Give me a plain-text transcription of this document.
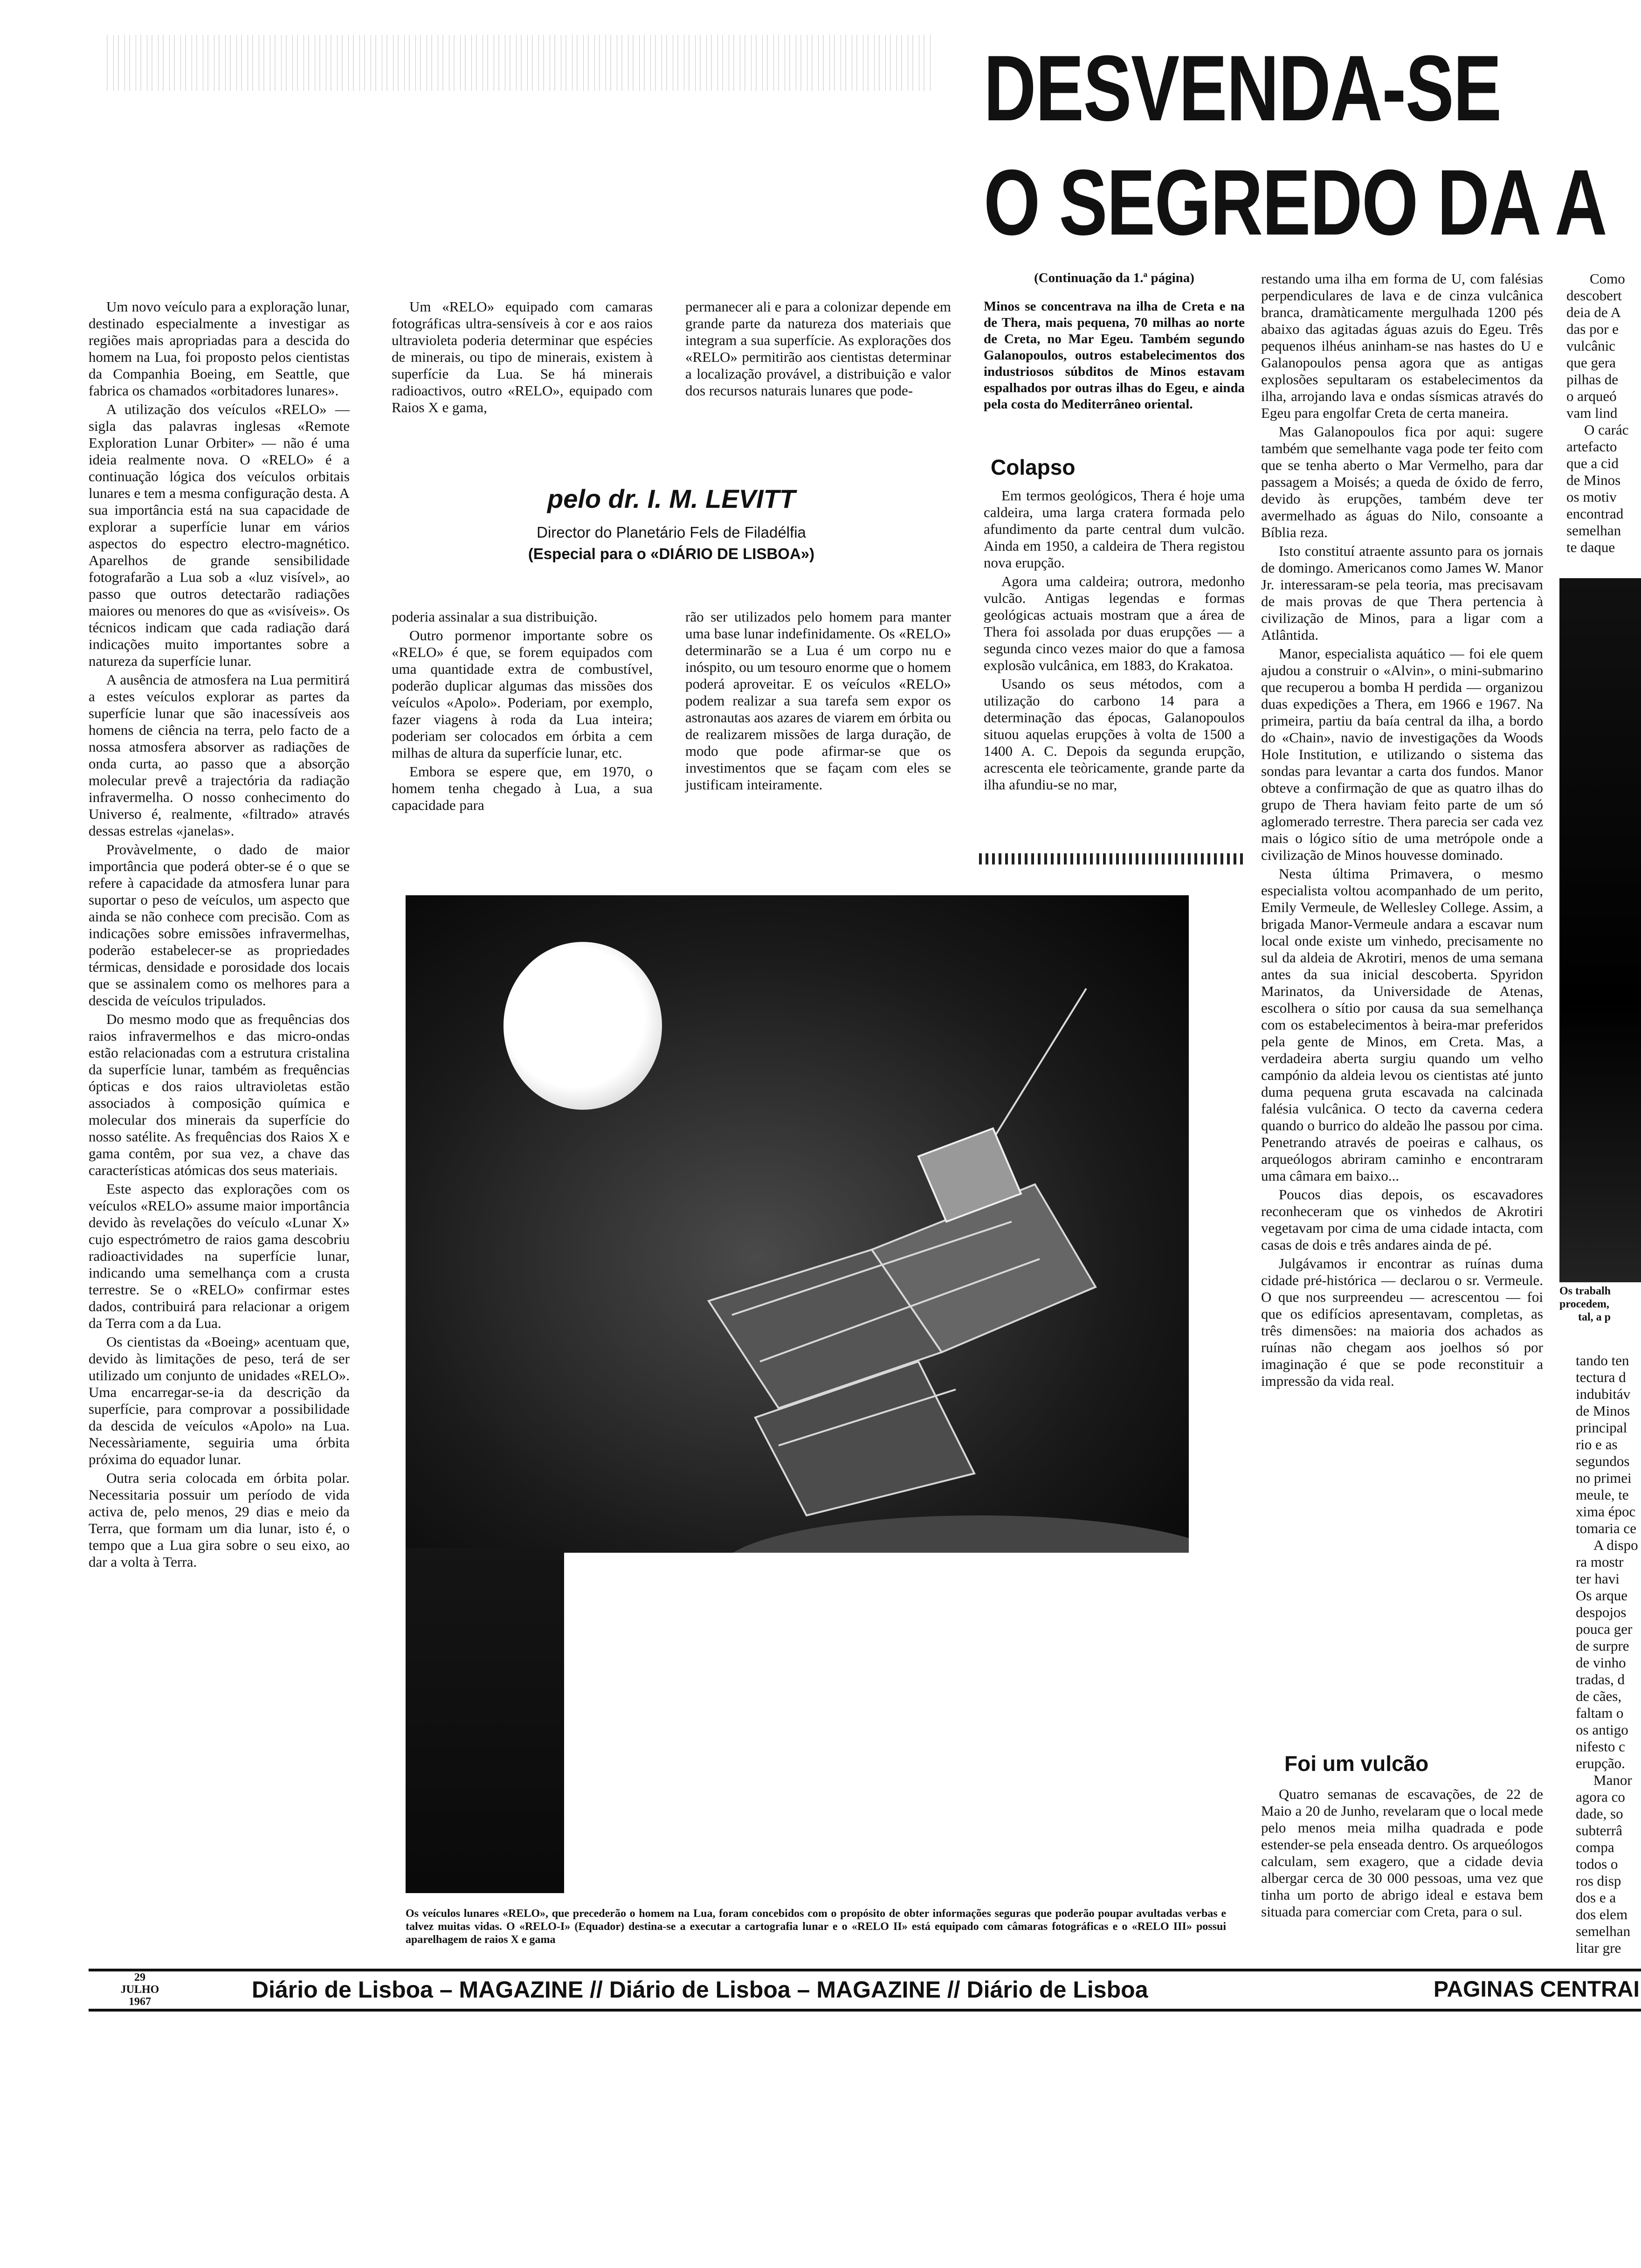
DESVENDA-SE
O SEGREDO DA A

Um novo veículo para a exploração lunar, destinado especialmente a investigar as regiões mais apropriadas para a descida do homem na Lua, foi proposto pelos cientistas da Companhia Boeing, em Seattle, que fabrica os chamados «orbitadores lunares».

A utilização dos veículos «RELO» — sigla das palavras inglesas «Remote Exploration Lunar Orbiter» — não é uma ideia realmente nova. O «RELO» é a continuação lógica dos veículos orbitais lunares e tem a mesma configuração desta. A sua importância está na sua capacidade de explorar a superfície lunar em vários aspectos do espectro electro-magnético. Aparelhos de grande sensibilidade fotografarão a Lua sob a «luz visível», ao passo que outros detectarão radiações maiores ou menores do que as «visíveis». Os técnicos indicam que cada radiação dará indicações muito importantes sobre a natureza da superfície lunar.

A ausência de atmosfera na Lua permitirá a estes veículos explorar as partes da superfície lunar que são inacessíveis aos homens de ciência na terra, pelo facto de a nossa atmosfera absorver as radiações de onda curta, ao passo que a absorção molecular prevê a trajectória da radiação infravermelha. O nosso conhecimento do Universo é, realmente, «filtrado» através dessas estrelas «janelas».

Provàvelmente, o dado de maior importância que poderá obter-se é o que se refere à capacidade da atmosfera lunar para suportar o peso de veículos, um aspecto que ainda se não conhece com precisão. Com as indicações sobre emissões infravermelhas, poderão estabelecer-se as propriedades térmicas, densidade e porosidade dos locais que se assinalem como os melhores para a descida de veículos tripulados.

Do mesmo modo que as frequências dos raios infravermelhos e das micro-ondas estão relacionadas com a estrutura cristalina da superfície lunar, também as frequências ópticas e dos raios ultravioletas estão associados à composição química e molecular dos minerais da superfície do nosso satélite. As frequências dos Raios X e gama contêm, por sua vez, a chave das características atómicas dos seus materiais.

Este aspecto das explorações com os veículos «RELO» assume maior importância devido às revelações do veículo «Lunar X» cujo espectrómetro de raios gama descobriu radioactividades na superfície lunar, indicando uma semelhança com a crusta terrestre. Se o «RELO» confirmar estes dados, contribuirá para relacionar a origem da Terra com a da Lua.

Os cientistas da «Boeing» acentuam que, devido às limitações de peso, terá de ser utilizado um conjunto de unidades «RELO». Uma encarregar-se-ia da descrição da superfície, para comprovar a possibilidade da descida de veículos «Apolo» na Lua. Necessàriamente, seguiria uma órbita próxima do equador lunar.

Outra seria colocada em órbita polar. Necessitaria possuir um período de vida activa de, pelo menos, 29 dias e meio da Terra, que formam um dia lunar, isto é, o tempo que a Lua gira sobre o seu eixo, ao dar a volta à Terra.

Um «RELO» equipado com camaras fotográficas ultra-sensíveis à cor e aos raios ultravioleta poderia determinar que espécies de minerais, ou tipo de minerais, existem à superfície da Lua. Se há minerais radioactivos, outro «RELO», equipado com Raios X e gama,

permanecer ali e para a colonizar depende em grande parte da natureza dos materiais que integram a sua superfície. As explorações dos «RELO» permitirão aos cientistas determinar a localização provável, a distribuição e valor dos recursos naturais lunares que pode-

pelo dr. I. M. LEVITT
Director do Planetário Fels de Filadélfia
(Especial para o «DIÁRIO DE LISBOA»)

poderia assinalar a sua distribuição.

Outro pormenor importante sobre os «RELO» é que, se forem equipados com uma quantidade extra de combustível, poderão duplicar algumas das missões dos veículos «Apolo». Poderiam, por exemplo, fazer viagens à roda da Lua inteira; poderiam ser colocados em órbita a cem milhas de altura da superfície lunar, etc.

Embora se espere que, em 1970, o homem tenha chegado à Lua, a sua capacidade para

rão ser utilizados pelo homem para manter uma base lunar indefinidamente. Os «RELO» determinarão se a Lua é um corpo nu e inóspito, ou um tesouro enorme que o homem poderá aproveitar. E os veículos «RELO» podem realizar a sua tarefa sem expor os astronautas aos azares de viarem em órbita ou de realizarem missões de larga duração, de modo que pode afirmar-se que os investimentos que se façam com eles se justificam inteiramente.

Os veículos lunares «RELO», que precederão o homem na Lua, foram concebidos com o propósito de obter informações seguras que poderão poupar avultadas verbas e talvez muitas vidas. O «RELO-I» (Equador) destina-se a executar a cartografia lunar e o «RELO II» está equipado com câmaras fotográficas e o «RELO III» possui aparelhagem de raios X e gama
(Continuação da 1.ª página)

Minos se concentrava na ilha de Creta e na de Thera, mais pequena, 70 milhas ao norte de Creta, no Mar Egeu. Também segundo Galanopoulos, outros estabelecimentos dos industriosos súbditos de Minos estavam espalhados por outras ilhas do Egeu, e ainda pela costa do Mediterrâneo oriental.

Colapso

Em termos geológicos, Thera é hoje uma caldeira, uma larga cratera formada pelo afundimento da parte central dum vulcão. Ainda em 1950, a caldeira de Thera registou nova erupção.

Agora uma caldeira; outrora, medonho vulcão. Antigas legendas e formas geológicas actuais mostram que a área de Thera foi assolada por duas erupções — a segunda cinco vezes maior do que a famosa explosão vulcânica, em 1883, do Krakatoa.

Usando os seus métodos, com a utilização do carbono 14 para a determinação das épocas, Galanopoulos situou aquelas erupções à volta de 1500 a 1400 A. C. Depois da segunda erupção, acrescenta ele teòricamente, grande parte da ilha afundiu-se no mar,

restando uma ilha em forma de U, com falésias perpendiculares de lava e de cinza vulcânica branca, dramàticamente mergulhada 1200 pés abaixo das agitadas águas azuis do Egeu. Três pequenos ilhéus aninham-se nas hastes do U e Galanopoulos pensa agora que as antigas explosões sepultaram os estabelecimentos da ilha, arrojando lava e ondas sísmicas através do Egeu para engolfar Creta de certa maneira.

Mas Galanopoulos fica por aqui: sugere também que semelhante vaga pode ter feito com que se tenha aberto o Mar Vermelho, para dar passagem a Moisés; a queda de óxido de ferro, devido às erupções, também deve ter avermelhado as águas do Nilo, consoante a Bíblia reza.

Isto constituí atraente assunto para os jornais de domingo. Americanos como James W. Manor Jr. interessaram-se pela teoria, mas precisavam de mais provas de que Thera pertencia à civilização de Minos, para a ligar com a Atlântida.

Manor, especialista aquático — foi ele quem ajudou a construir o «Alvin», o mini-submarino que recuperou a bomba H perdida — organizou duas expedições a Thera, em 1966 e 1967. Na primeira, partiu da baía central da ilha, a bordo do «Chain», navio de investigações da Woods Hole Institution, e utilizando o sistema das sondas para levantar a carta dos fundos. Manor obteve a confirmação de que as quatro ilhas do grupo de Thera haviam feito parte de um só aglomerado terrestre. Thera parecia ser cada vez mais o lógico sítio de uma metrópole onde a civilização de Minos houvesse dominado.

Nesta última Primavera, o mesmo especialista voltou acompanhado de um perito, Emily Vermeule, de Wellesley College. Assim, a brigada Manor-Vermeule andara a escavar num local onde existe um vinhedo, precisamente no sul da aldeia de Akrotiri, menos de uma semana antes da sua inicial descoberta. Spyridon Marinatos, da Universidade de Atenas, escolhera o sítio por causa da sua semelhança com os estabelecimentos à beira-mar preferidos pela gente de Minos, em Creta. Mas, a verdadeira aberta surgiu quando um velho campónio da aldeia levou os cientistas até junto duma pequena gruta escavada na calcinada falésia vulcânica. O tecto da caverna cedera quando o burrico do aldeão lhe passou por cima. Penetrando através de poeiras e calhaus, os arqueólogos abriram caminho e encontraram uma câmara em baixo...

Poucos dias depois, os escavadores reconheceram que os vinhedos de Akrotiri vegetavam por cima de uma cidade intacta, com casas de dois e três andares ainda de pé.

Julgávamos ir encontrar as ruínas duma cidade pré-histórica — declarou o sr. Vermeule. O que nos surpreendeu — acrescentou — foi que os edifícios apresentavam, completas, as três dimensões: na maioria dos achados as ruínas não chegam aos joelhos só por imaginação é que se pode reconstituir a impressão da vida real.

Foi um vulcão

Quatro semanas de escavações, de 22 de Maio a 20 de Junho, revelaram que o local mede pelo menos meia milha quadrada e pode estender-se pela enseada dentro. Os arqueólogos calculam, sem exagero, que a cidade devia albergar cerca de 30 000 pessoas, uma vez que tinha um porto de abrigo ideal e estava bem situada para comerciar com Creta, para o sul.

Como
descobert
deia de A
das por e
vulcânic
que gera
pilhas de
o arqueó
vam lind
O carác
artefacto
que a cid
de Minos
os motiv
encontrad
semelhan
te daque
Os trabalh
procedem,
tal, a p
tando ten
tectura d
indubitáv
de Minos
principal
rio e as
segundos
no primei
meule, te
xima époc
tomaria ce
A dispo
ra mostr
ter havi
Os arque
despojos
pouca ger
de surpre
de vinho
tradas, d
de cães,
faltam o
os antigo
nifesto c
erupção.
Manor
agora co
dade, so
subterrâ
compa
todos o
ros disp
dos e a
dos elem
semelhan
litar gre
29
JULHO
1967	Diário de Lisboa – MAGAZINE // Diário de Lisboa – MAGAZINE // Diário de Lisboa	PAGINAS CENTRAI
